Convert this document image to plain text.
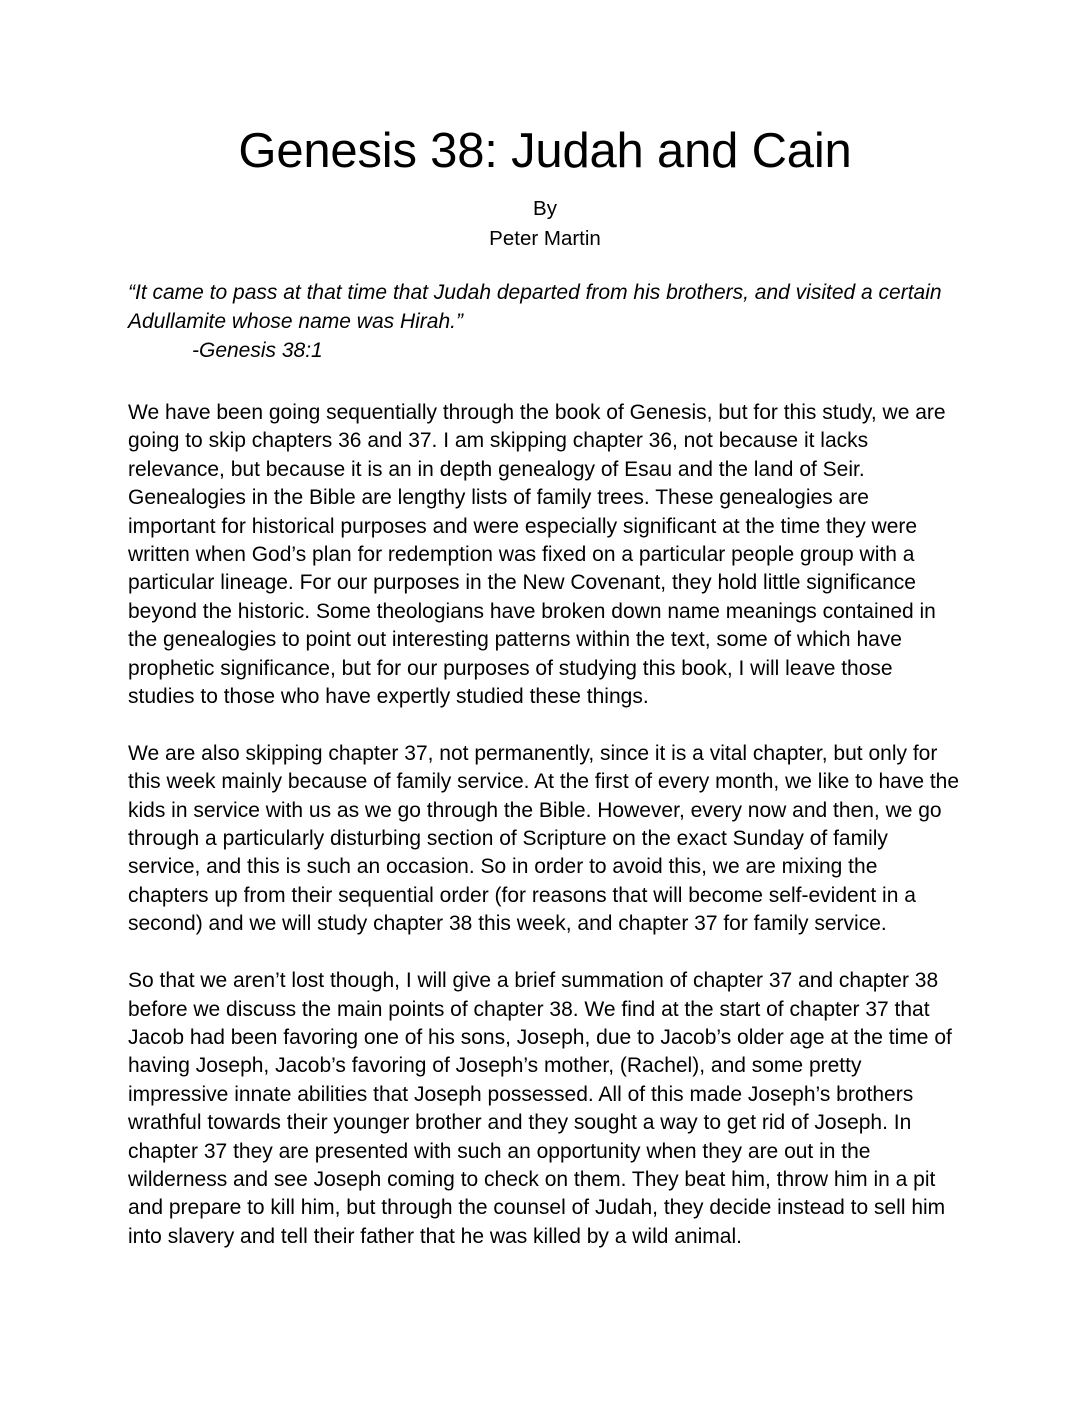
Genesis 38: Judah and Cain
By
Peter Martin
“It came to pass at that time that Judah departed from his brothers, and visited a certain Adullamite whose name was Hirah.”
-Genesis 38:1

We have been going sequentially through the book of Genesis, but for this study, we are going to skip chapters 36 and 37. I am skipping chapter 36, not because it lacks relevance, but because it is an in depth genealogy of Esau and the land of Seir. Genealogies in the Bible are lengthy lists of family trees. These genealogies are important for historical purposes and were especially significant at the time they were written when God’s plan for redemption was fixed on a particular people group with a particular lineage. For our purposes in the New Covenant, they hold little significance beyond the historic. Some theologians have broken down name meanings contained in the genealogies to point out interesting patterns within the text, some of which have prophetic significance, but for our purposes of studying this book, I will leave those studies to those who have expertly studied these things.

We are also skipping chapter 37, not permanently, since it is a vital chapter, but only for this week mainly because of family service. At the first of every month, we like to have the kids in service with us as we go through the Bible. However, every now and then, we go through a particularly disturbing section of Scripture on the exact Sunday of family service, and this is such an occasion. So in order to avoid this, we are mixing the chapters up from their sequential order (for reasons that will become self-evident in a second) and we will study chapter 38 this week, and chapter 37 for family service.

So that we aren’t lost though, I will give a brief summation of chapter 37 and chapter 38 before we discuss the main points of chapter 38. We find at the start of chapter 37 that Jacob had been favoring one of his sons, Joseph, due to Jacob’s older age at the time of having Joseph, Jacob’s favoring of Joseph’s mother, (Rachel), and some pretty impressive innate abilities that Joseph possessed. All of this made Joseph’s brothers wrathful towards their younger brother and they sought a way to get rid of Joseph. In chapter 37 they are presented with such an opportunity when they are out in the wilderness and see Joseph coming to check on them. They beat him, throw him in a pit and prepare to kill him, but through the counsel of Judah, they decide instead to sell him into slavery and tell their father that he was killed by a wild animal.
